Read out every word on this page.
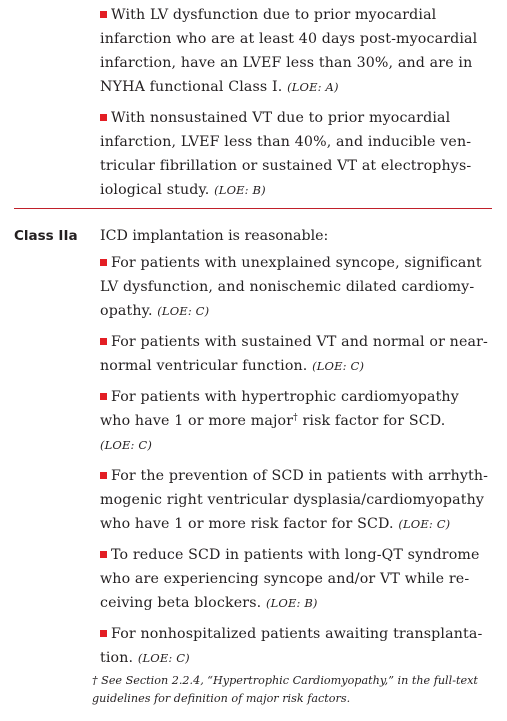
With LV dysfunction due to prior myocardial
infarction who are at least 40 days post-myocardial
infarction, have an LVEF less than 30%, and are in
NYHA functional Class I. (LOE: A)

With nonsustained VT due to prior myocardial
infarction, LVEF less than 40%, and inducible ven-
tricular fibrillation or sustained VT at electrophys-
iological study. (LOE: B)

Class IIa ICD implantation is reasonable:

For patients with unexplained syncope, significant
LV dysfunction, and nonischemic dilated cardiomy-
opathy. (LOE: C)

For patients with sustained VT and normal or near-
normal ventricular function. (LOE: C)

For patients with hypertrophic cardiomyopathy
who have 1 or more major† risk factor for SCD.
(LOE: C)

For the prevention of SCD in patients with arrhyth-
mogenic right ventricular dysplasia/cardiomyopathy
who have 1 or more risk factor for SCD. (LOE: C)

To reduce SCD in patients with long-QT syndrome
who are experiencing syncope and/or VT while re-
ceiving beta blockers. (LOE: B)

For nonhospitalized patients awaiting transplanta-
tion. (LOE: C)

† See Section 2.2.4, “Hypertrophic Cardiomyopathy,” in the full-text
guidelines for definition of major risk factors.
